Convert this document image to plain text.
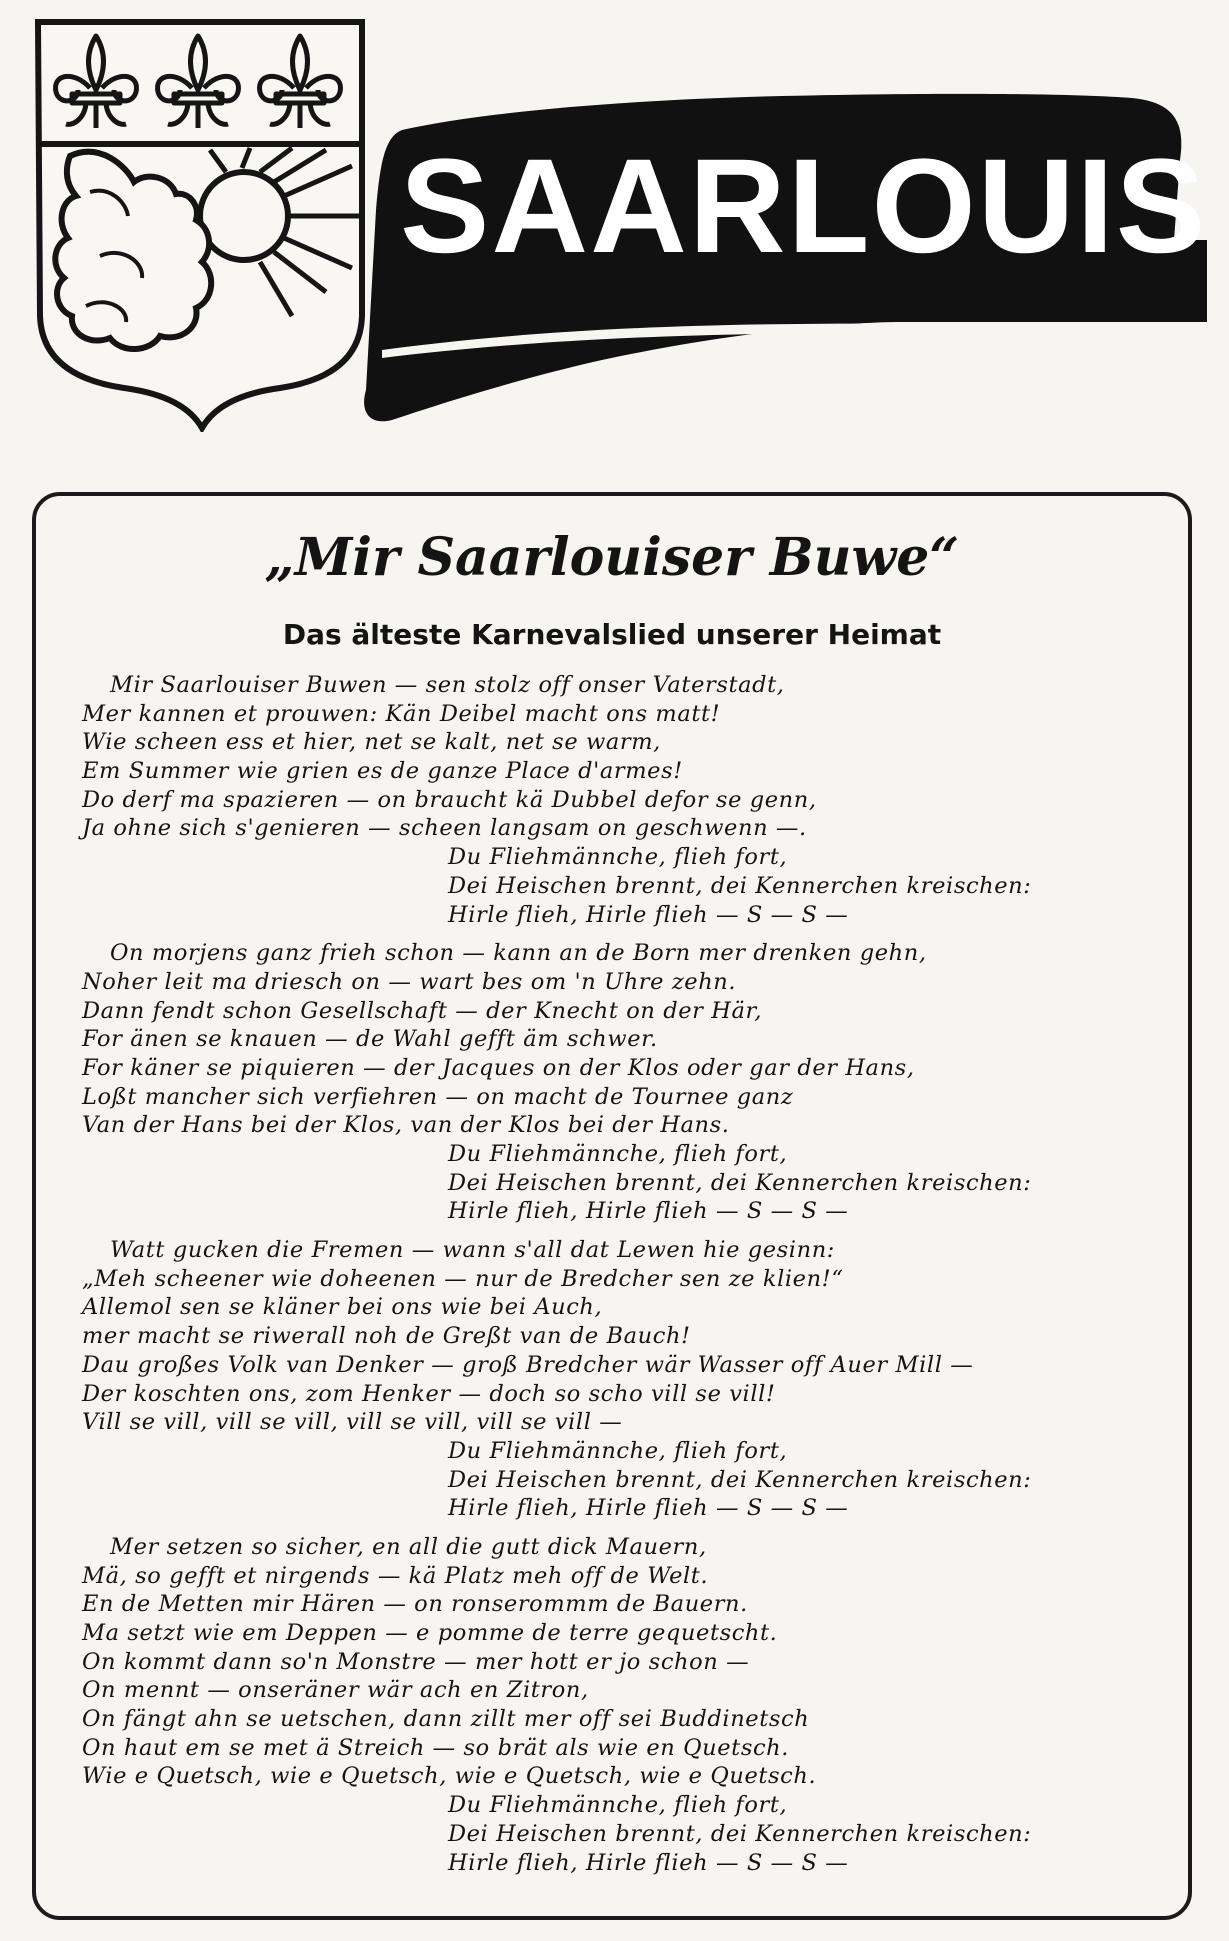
SAARLOUIS
„Mir Saarlouiser Buwe“
Das älteste Karnevalslied unserer Heimat
Mir Saarlouiser Buwen — sen stolz off onser Vaterstadt,
Mer kannen et prouwen: Kän Deibel macht ons matt!
Wie scheen ess et hier, net se kalt, net se warm,
Em Summer wie grien es de ganze Place d'armes!
Do derf ma spazieren — on braucht kä Dubbel defor se genn,
Ja ohne sich s'genieren — scheen langsam on geschwenn —.
Du Fliehmännche, flieh fort,
Dei Heischen brennt, dei Kennerchen kreischen:
Hirle flieh, Hirle flieh — S — S —
On morjens ganz frieh schon — kann an de Born mer drenken gehn,
Noher leit ma driesch on — wart bes om 'n Uhre zehn.
Dann fendt schon Gesellschaft — der Knecht on der Här,
For änen se knauen — de Wahl gefft äm schwer.
For käner se piquieren — der Jacques on der Klos oder gar der Hans,
Loßt mancher sich verfiehren — on macht de Tournee ganz
Van der Hans bei der Klos, van der Klos bei der Hans.
Du Fliehmännche, flieh fort,
Dei Heischen brennt, dei Kennerchen kreischen:
Hirle flieh, Hirle flieh — S — S —
Watt gucken die Fremen — wann s'all dat Lewen hie gesinn:
„Meh scheener wie doheenen — nur de Bredcher sen ze klien!“
Allemol sen se kläner bei ons wie bei Auch,
mer macht se riwerall noh de Greßt van de Bauch!
Dau großes Volk van Denker — groß Bredcher wär Wasser off Auer Mill —
Der koschten ons, zom Henker — doch so scho vill se vill!
Vill se vill, vill se vill, vill se vill, vill se vill —
Du Fliehmännche, flieh fort,
Dei Heischen brennt, dei Kennerchen kreischen:
Hirle flieh, Hirle flieh — S — S —
Mer setzen so sicher, en all die gutt dick Mauern,
Mä, so gefft et nirgends — kä Platz meh off de Welt.
En de Metten mir Hären — on ronserommm de Bauern.
Ma setzt wie em Deppen — e pomme de terre gequetscht.
On kommt dann so'n Monstre — mer hott er jo schon —
On mennt — onseräner wär ach en Zitron,
On fängt ahn se uetschen, dann zillt mer off sei Buddinetsch
On haut em se met ä Streich — so brät als wie en Quetsch.
Wie e Quetsch, wie e Quetsch, wie e Quetsch, wie e Quetsch.
Du Fliehmännche, flieh fort,
Dei Heischen brennt, dei Kennerchen kreischen:
Hirle flieh, Hirle flieh — S — S —
